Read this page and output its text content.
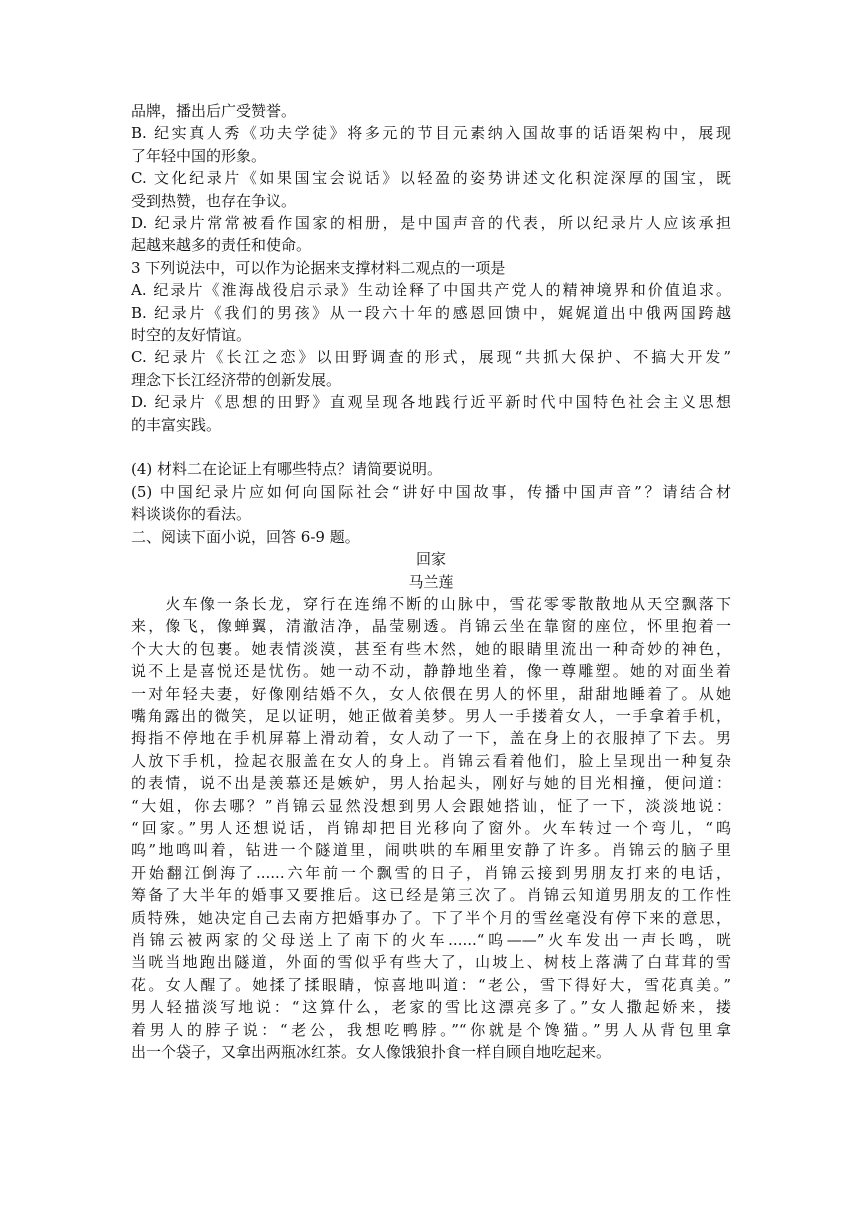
品牌，播出后广受赞誉。

B. 纪实真人秀《功夫学徒》将多元的节目元素纳入国故事的话语架构中，展现

了年轻中国的形象。

C. 文化纪录片《如果国宝会说话》以轻盈的姿势讲述文化积淀深厚的国宝，既

受到热赞，也存在争议。

D. 纪录片常常被看作国家的相册，是中国声音的代表，所以纪录片人应该承担

起越来越多的责任和使命。

3 下列说法中，可以作为论据来支撑材料二观点的一项是

A. 纪录片《淮海战役启示录》生动诠释了中国共产党人的精神境界和价值追求。

B. 纪录片《我们的男孩》从一段六十年的感恩回馈中，娓娓道出中俄两国跨越

时空的友好情谊。

C. 纪录片《长江之恋》以田野调查的形式，展现“共抓大保护、不搞大开发”

理念下长江经济带的创新发展。

D. 纪录片《思想的田野》直观呈现各地践行近平新时代中国特色社会主义思想

的丰富实践。

(4) 材料二在论证上有哪些特点？请简要说明。

(5) 中国纪录片应如何向国际社会“讲好中国故事，传播中国声音”？请结合材

料谈谈你的看法。

二、阅读下面小说，回答 6-9 题。

回家

马兰莲

　　火车像一条长龙，穿行在连绵不断的山脉中，雪花零零散散地从天空飘落下

来，像飞，像蝉翼，清澈洁净，晶莹剔透。肖锦云坐在靠窗的座位，怀里抱着一

个大大的包裹。她表情淡漠，甚至有些木然，她的眼睛里流出一种奇妙的神色，

说不上是喜悦还是忧伤。她一动不动，静静地坐着，像一尊雕塑。她的对面坐着

一对年轻夫妻，好像刚结婚不久，女人依偎在男人的怀里，甜甜地睡着了。从她

嘴角露出的微笑，足以证明，她正做着美梦。男人一手搂着女人，一手拿着手机，

拇指不停地在手机屏幕上滑动着，女人动了一下，盖在身上的衣服掉了下去。男

人放下手机，捡起衣服盖在女人的身上。肖锦云看着他们，脸上呈现出一种复杂

的表情，说不出是羡慕还是嫉妒，男人抬起头，刚好与她的目光相撞，便问道：

“大姐，你去哪？”肖锦云显然没想到男人会跟她搭讪，怔了一下，淡淡地说：

“回家。”男人还想说话，肖锦却把目光移向了窗外。火车转过一个弯儿，“呜

呜”地鸣叫着，钻进一个隧道里，闹哄哄的车厢里安静了许多。肖锦云的脑子里

开始翻江倒海了......六年前一个飘雪的日子，肖锦云接到男朋友打来的电话，

筹备了大半年的婚事又要推后。这已经是第三次了。肖锦云知道男朋友的工作性

质特殊，她决定自己去南方把婚事办了。下了半个月的雪丝毫没有停下来的意思，

肖锦云被两家的父母送上了南下的火车......“呜——”火车发出一声长鸣，咣

当咣当地跑出隧道，外面的雪似乎有些大了，山坡上、树枝上落满了白茸茸的雪

花。女人醒了。她揉了揉眼睛，惊喜地叫道：“老公，雪下得好大，雪花真美。”

男人轻描淡写地说：“这算什么，老家的雪比这漂亮多了。”女人撒起娇来，搂

着男人的脖子说：“老公，我想吃鸭脖。”“你就是个馋猫。”男人从背包里拿

出一个袋子，又拿出两瓶冰红茶。女人像饿狼扑食一样自顾自地吃起来。
